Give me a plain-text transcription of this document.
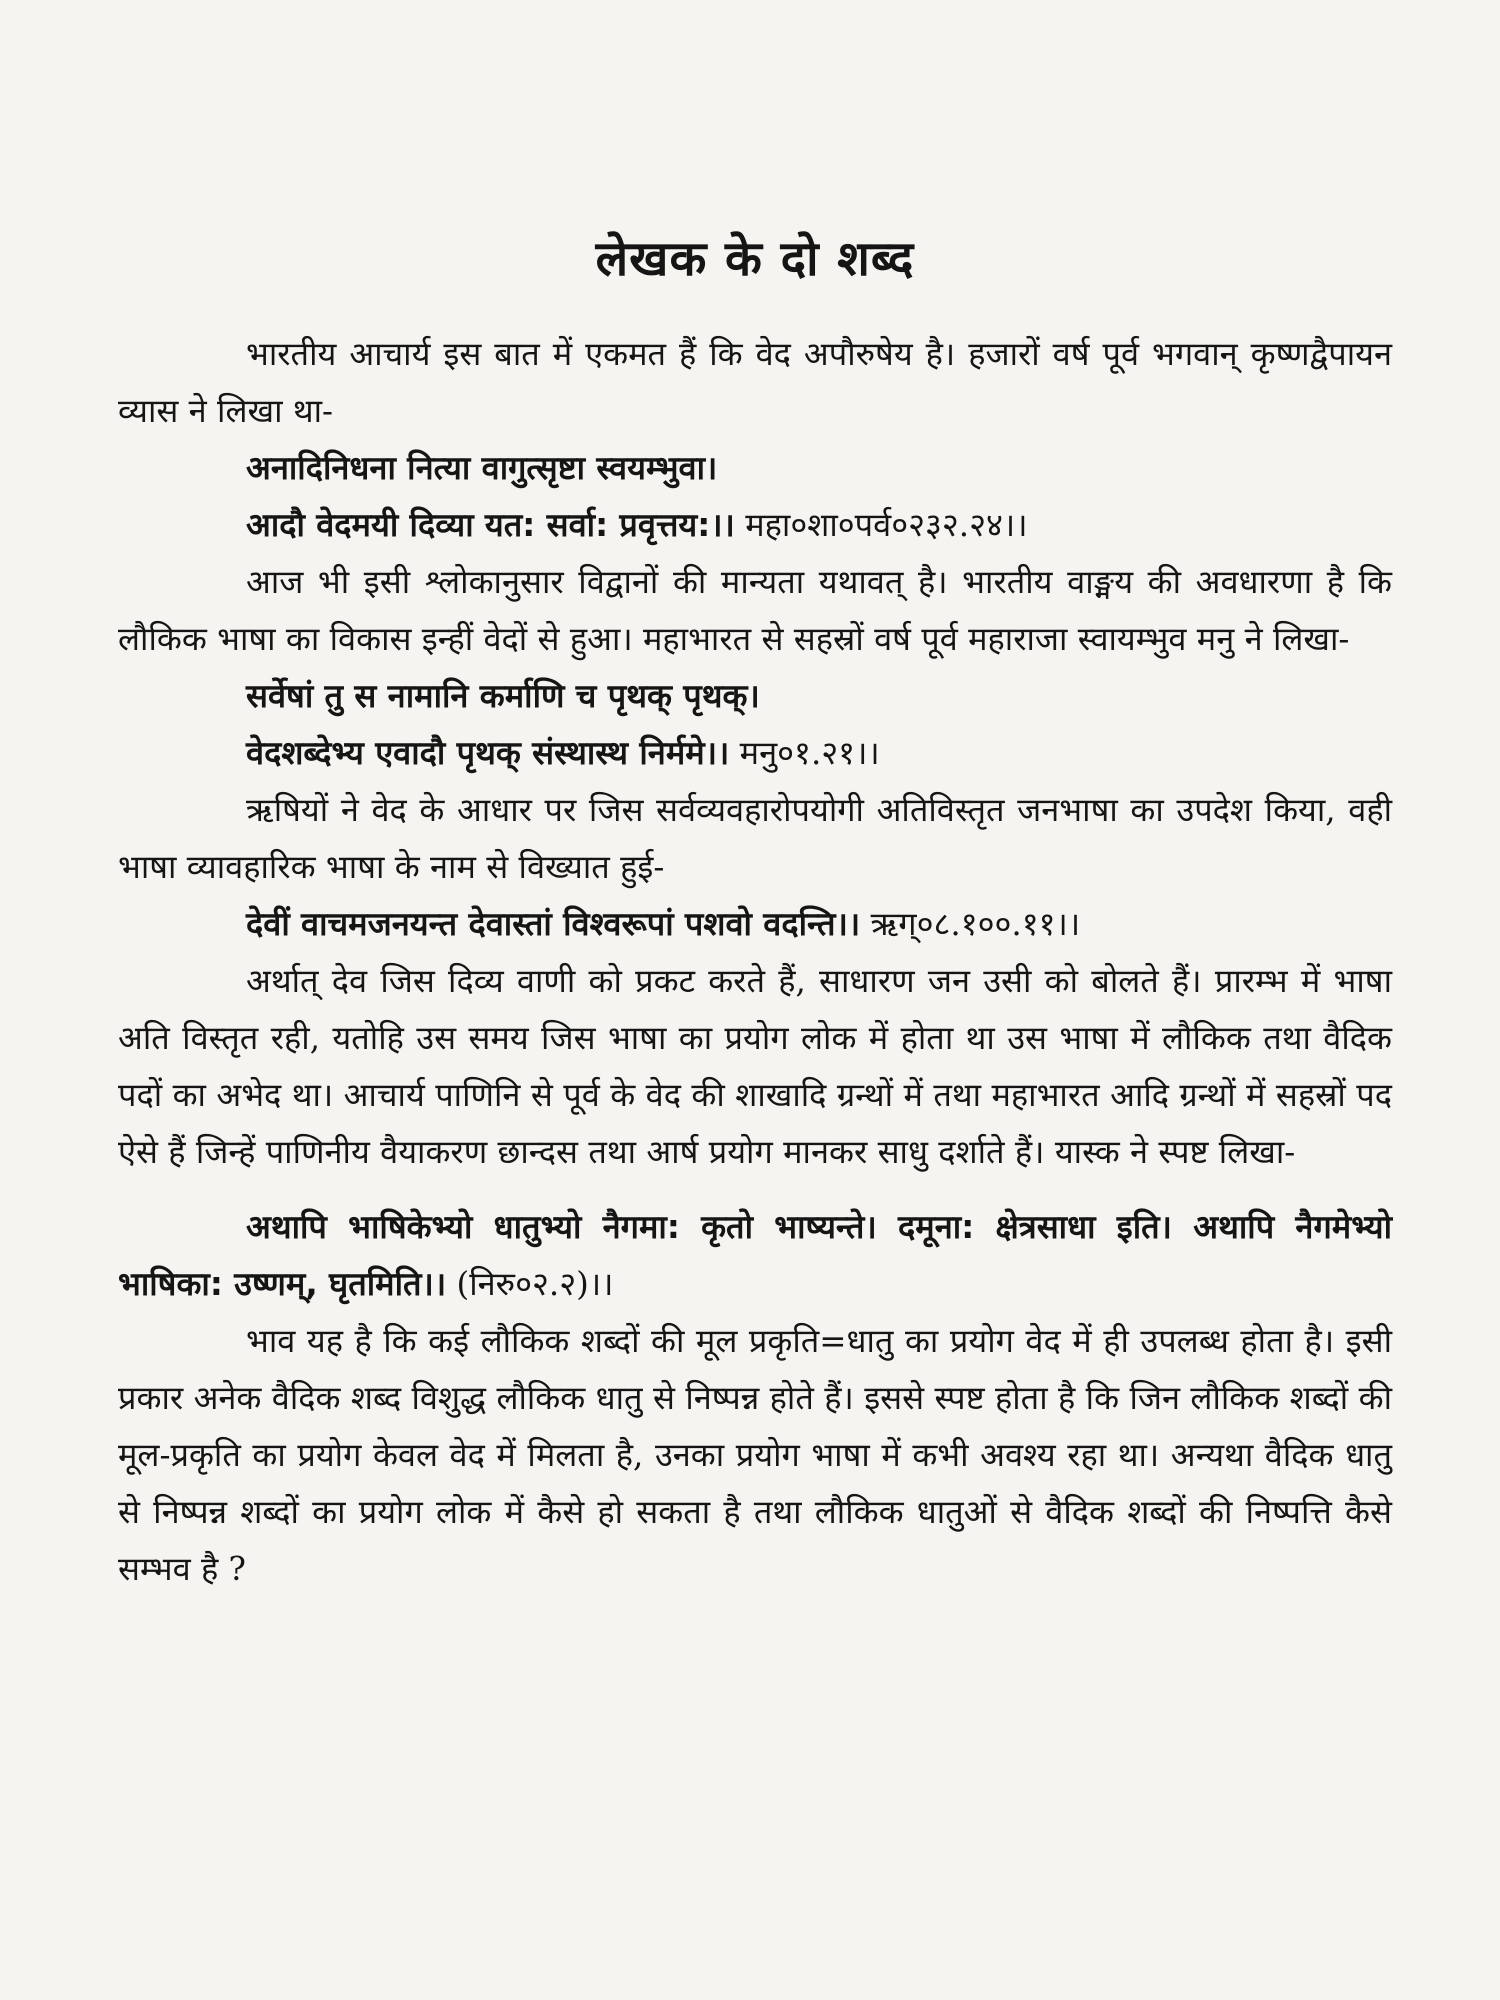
लेखक के दो शब्द

भारतीय आचार्य इस बात में एकमत हैं कि वेद अपौरुषेय है। हजारों वर्ष पूर्व भगवान् कृष्णद्वैपायन व्यास ने लिखा था-

अनादिनिधना नित्या वागुत्सृष्टा स्वयम्भुवा।

आदौ वेदमयी दिव्या यत: सर्वा: प्रवृत्तय:।। महा०शा०पर्व०२३२.२४।।

आज भी इसी श्लोकानुसार विद्वानों की मान्यता यथावत् है। भारतीय वाङ्मय की अवधारणा है कि लौकिक भाषा का विकास इन्हीं वेदों से हुआ। महाभारत से सहस्रों वर्ष पूर्व महाराजा स्वायम्भुव मनु ने लिखा-

सर्वेषां तु स नामानि कर्माणि च पृथक् पृथक्।

वेदशब्देभ्य एवादौ पृथक् संस्थास्थ निर्ममे।। मनु०१.२१।।

ऋषियों ने वेद के आधार पर जिस सर्वव्यवहारोपयोगी अतिविस्तृत जनभाषा का उपदेश किया, वही भाषा व्यावहारिक भाषा के नाम से विख्यात हुई-

देवीं वाचमजनयन्त देवास्तां विश्वरूपां पशवो वदन्ति।। ऋग्०८.१००.११।।

अर्थात् देव जिस दिव्य वाणी को प्रकट करते हैं, साधारण जन उसी को बोलते हैं। प्रारम्भ में भाषा अति विस्तृत रही, यतोहि उस समय जिस भाषा का प्रयोग लोक में होता था उस भाषा में लौकिक तथा वैदिक पदों का अभेद था। आचार्य पाणिनि से पूर्व के वेद की शाखादि ग्रन्थों में तथा महाभारत आदि ग्रन्थों में सहस्रों पद ऐसे हैं जिन्हें पाणिनीय वैयाकरण छान्दस तथा आर्ष प्रयोग मानकर साधु दर्शाते हैं। यास्क ने स्पष्ट लिखा-

अथापि भाषिकेभ्यो धातुभ्यो नैगमा: कृतो भाष्यन्ते। दमूना: क्षेत्रसाधा इति। अथापि नैगमेभ्यो भाषिका: उष्णम्, घृतमिति।। (निरु०२.२)।।

भाव यह है कि कई लौकिक शब्दों की मूल प्रकृति=धातु का प्रयोग वेद में ही उपलब्ध होता है। इसी प्रकार अनेक वैदिक शब्द विशुद्ध लौकिक धातु से निष्पन्न होते हैं। इससे स्पष्ट होता है कि जिन लौकिक शब्दों की मूल-प्रकृति का प्रयोग केवल वेद में मिलता है, उनका प्रयोग भाषा में कभी अवश्य रहा था। अन्यथा वैदिक धातु से निष्पन्न शब्दों का प्रयोग लोक में कैसे हो सकता है तथा लौकिक धातुओं से वैदिक शब्दों की निष्पत्ति कैसे सम्भव है ?
